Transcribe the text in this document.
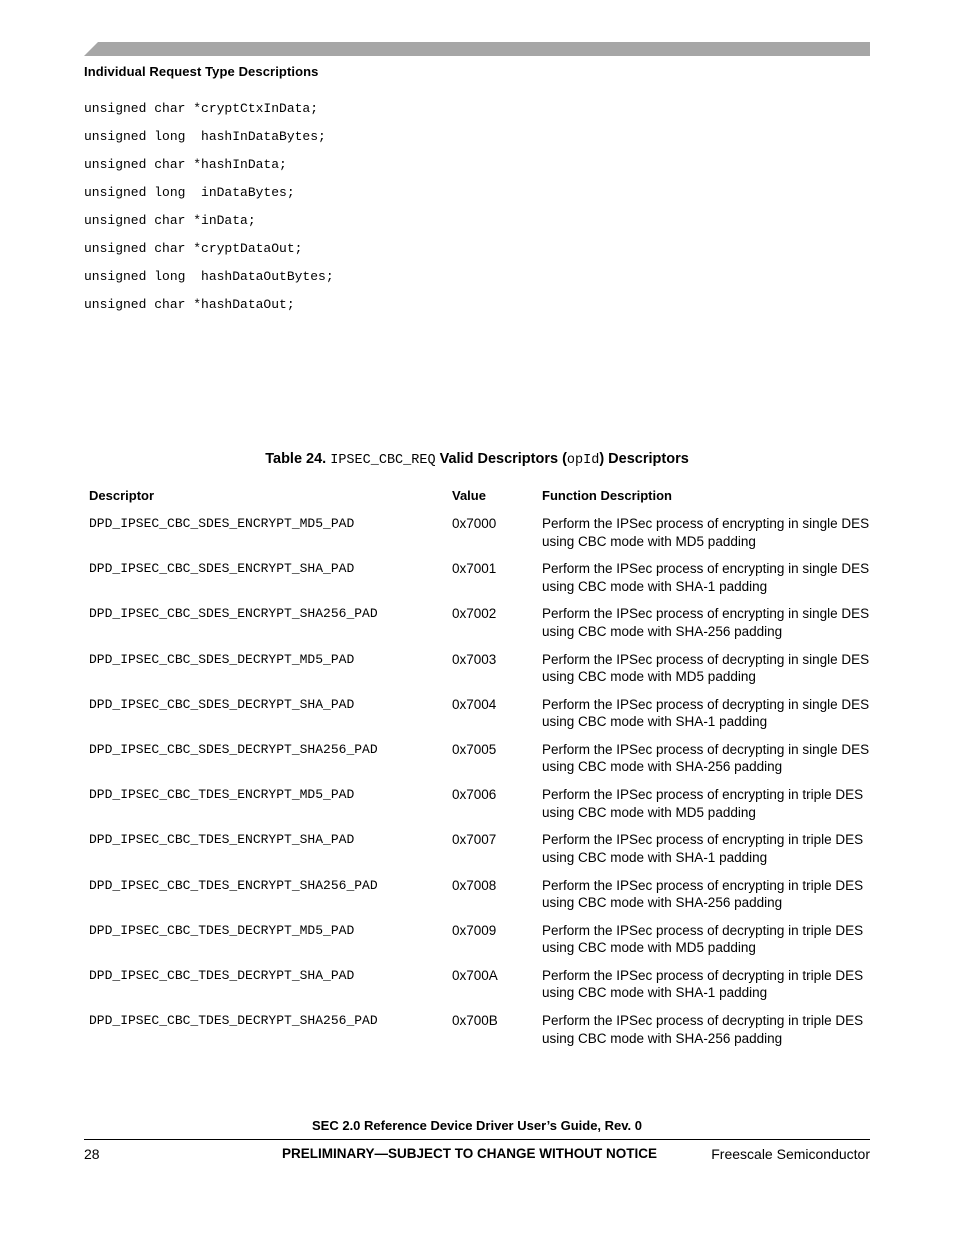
Individual Request Type Descriptions
unsigned char *cryptCtxInData;
unsigned long  hashInDataBytes;
unsigned char *hashInData;
unsigned long  inDataBytes;
unsigned char *inData;
unsigned char *cryptDataOut;
unsigned long  hashDataOutBytes;
unsigned char *hashDataOut;
Table 24. IPSEC_CBC_REQ Valid Descriptors (opId) Descriptors
Descriptor	Value	Function Description
DPD_IPSEC_CBC_SDES_ENCRYPT_MD5_PAD	0x7000	Perform the IPSec process of encrypting in single DES using CBC mode with MD5 padding
DPD_IPSEC_CBC_SDES_ENCRYPT_SHA_PAD	0x7001	Perform the IPSec process of encrypting in single DES using CBC mode with SHA-1 padding
DPD_IPSEC_CBC_SDES_ENCRYPT_SHA256_PAD	0x7002	Perform the IPSec process of encrypting in single DES using CBC mode with SHA-256 padding
DPD_IPSEC_CBC_SDES_DECRYPT_MD5_PAD	0x7003	Perform the IPSec process of decrypting in single DES using CBC mode with MD5 padding
DPD_IPSEC_CBC_SDES_DECRYPT_SHA_PAD	0x7004	Perform the IPSec process of decrypting in single DES using CBC mode with SHA-1 padding
DPD_IPSEC_CBC_SDES_DECRYPT_SHA256_PAD	0x7005	Perform the IPSec process of decrypting in single DES using CBC mode with SHA-256 padding
DPD_IPSEC_CBC_TDES_ENCRYPT_MD5_PAD	0x7006	Perform the IPSec process of encrypting in triple DES using CBC mode with MD5 padding
DPD_IPSEC_CBC_TDES_ENCRYPT_SHA_PAD	0x7007	Perform the IPSec process of encrypting in triple DES using CBC mode with SHA-1 padding
DPD_IPSEC_CBC_TDES_ENCRYPT_SHA256_PAD	0x7008	Perform the IPSec process of encrypting in triple DES using CBC mode with SHA-256 padding
DPD_IPSEC_CBC_TDES_DECRYPT_MD5_PAD	0x7009	Perform the IPSec process of decrypting in triple DES using CBC mode with MD5 padding
DPD_IPSEC_CBC_TDES_DECRYPT_SHA_PAD	0x700A	Perform the IPSec process of decrypting in triple DES using CBC mode with SHA-1 padding
DPD_IPSEC_CBC_TDES_DECRYPT_SHA256_PAD	0x700B	Perform the IPSec process of decrypting in triple DES using CBC mode with SHA-256 padding
SEC 2.0 Reference Device Driver User’s Guide, Rev. 0
28	PRELIMINARY—SUBJECT TO CHANGE WITHOUT NOTICE	Freescale Semiconductor
